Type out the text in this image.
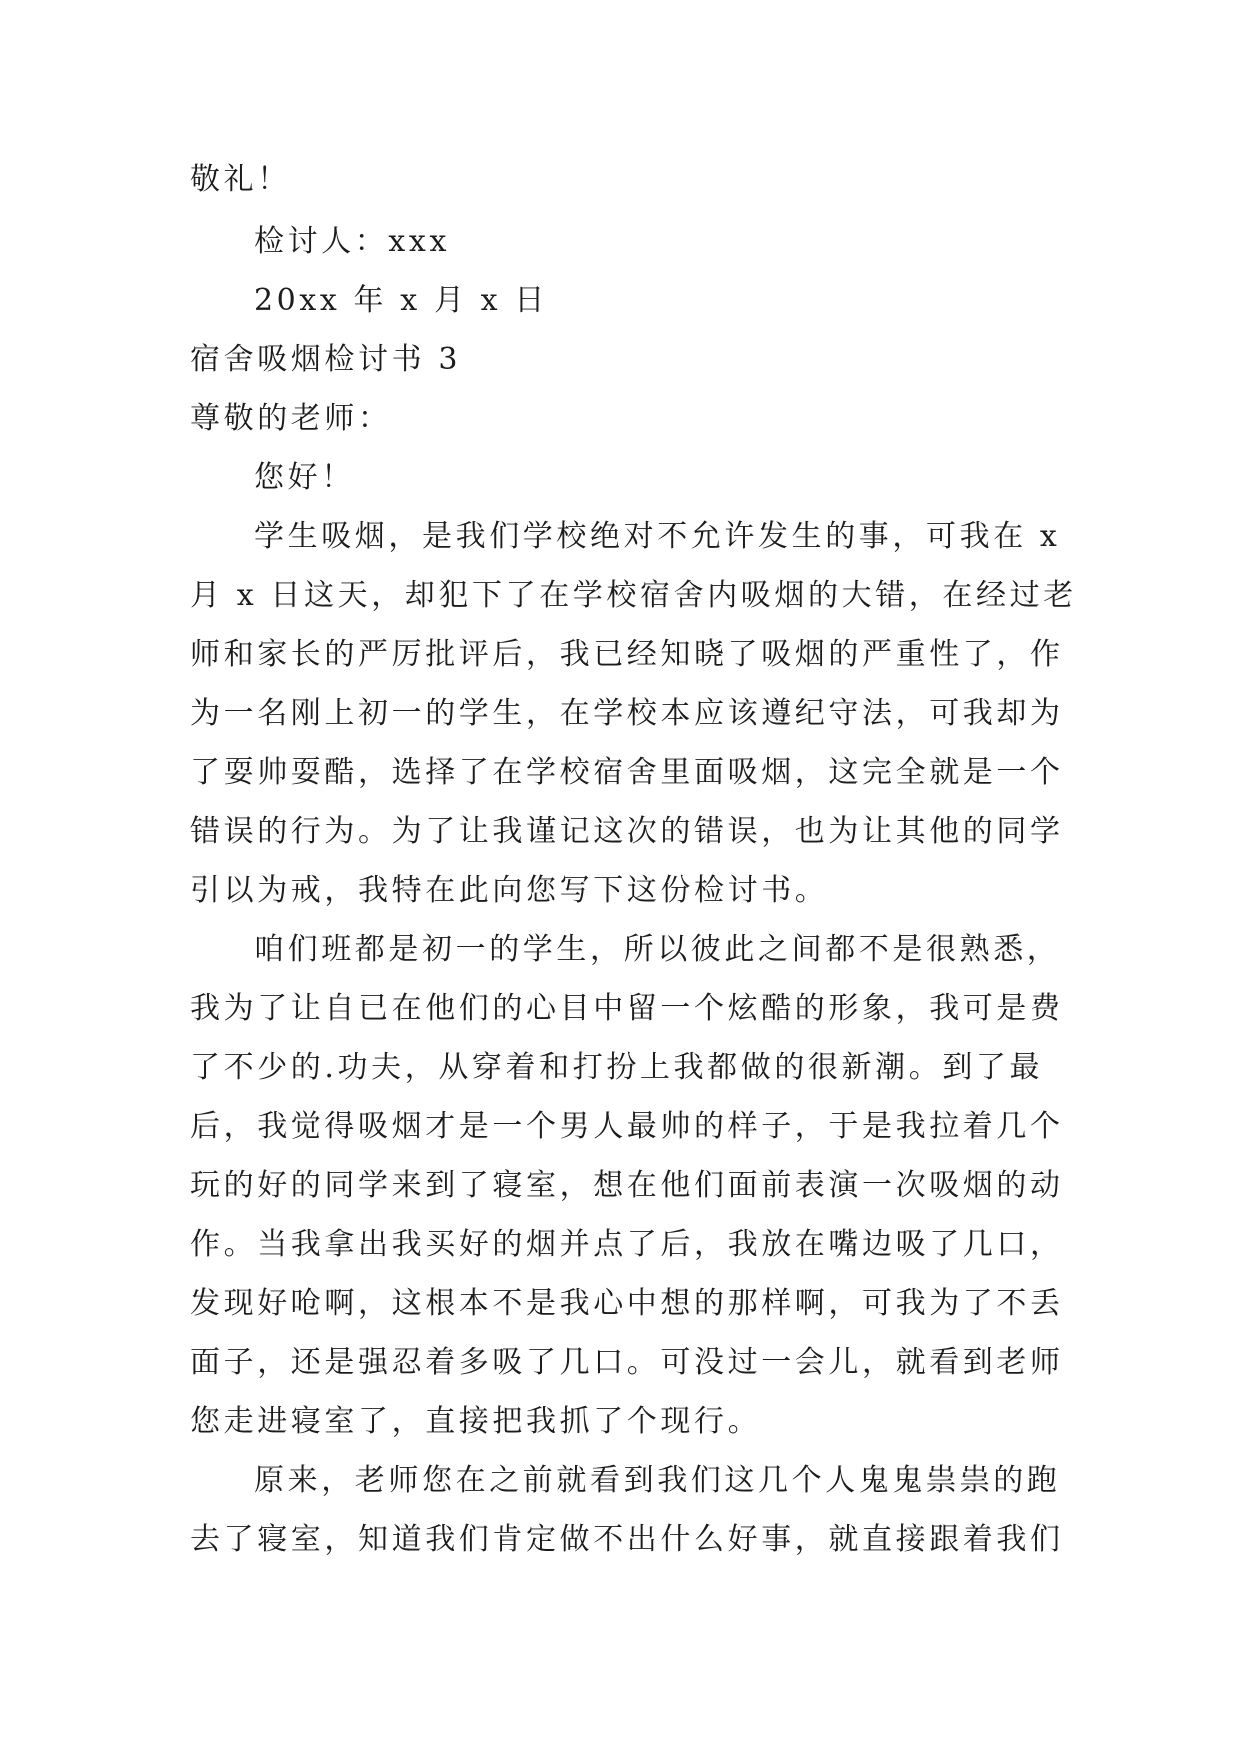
敬礼！

检讨人：xxx

20xx 年 x 月 x 日

宿舍吸烟检讨书 3

尊敬的老师：

您好！

学生吸烟，是我们学校绝对不允许发生的事，可我在 x

月 x 日这天，却犯下了在学校宿舍内吸烟的大错，在经过老

师和家长的严厉批评后，我已经知晓了吸烟的严重性了，作

为一名刚上初一的学生，在学校本应该遵纪守法，可我却为

了耍帅耍酷，选择了在学校宿舍里面吸烟，这完全就是一个

错误的行为。为了让我谨记这次的错误，也为让其他的同学

引以为戒，我特在此向您写下这份检讨书。

咱们班都是初一的学生，所以彼此之间都不是很熟悉，

我为了让自已在他们的心目中留一个炫酷的形象，我可是费

了不少的.功夫，从穿着和打扮上我都做的很新潮。到了最

后，我觉得吸烟才是一个男人最帅的样子，于是我拉着几个

玩的好的同学来到了寝室，想在他们面前表演一次吸烟的动

作。当我拿出我买好的烟并点了后，我放在嘴边吸了几口，

发现好呛啊，这根本不是我心中想的那样啊，可我为了不丢

面子，还是强忍着多吸了几口。可没过一会儿，就看到老师

您走进寝室了，直接把我抓了个现行。

原来，老师您在之前就看到我们这几个人鬼鬼祟祟的跑

去了寝室，知道我们肯定做不出什么好事，就直接跟着我们
